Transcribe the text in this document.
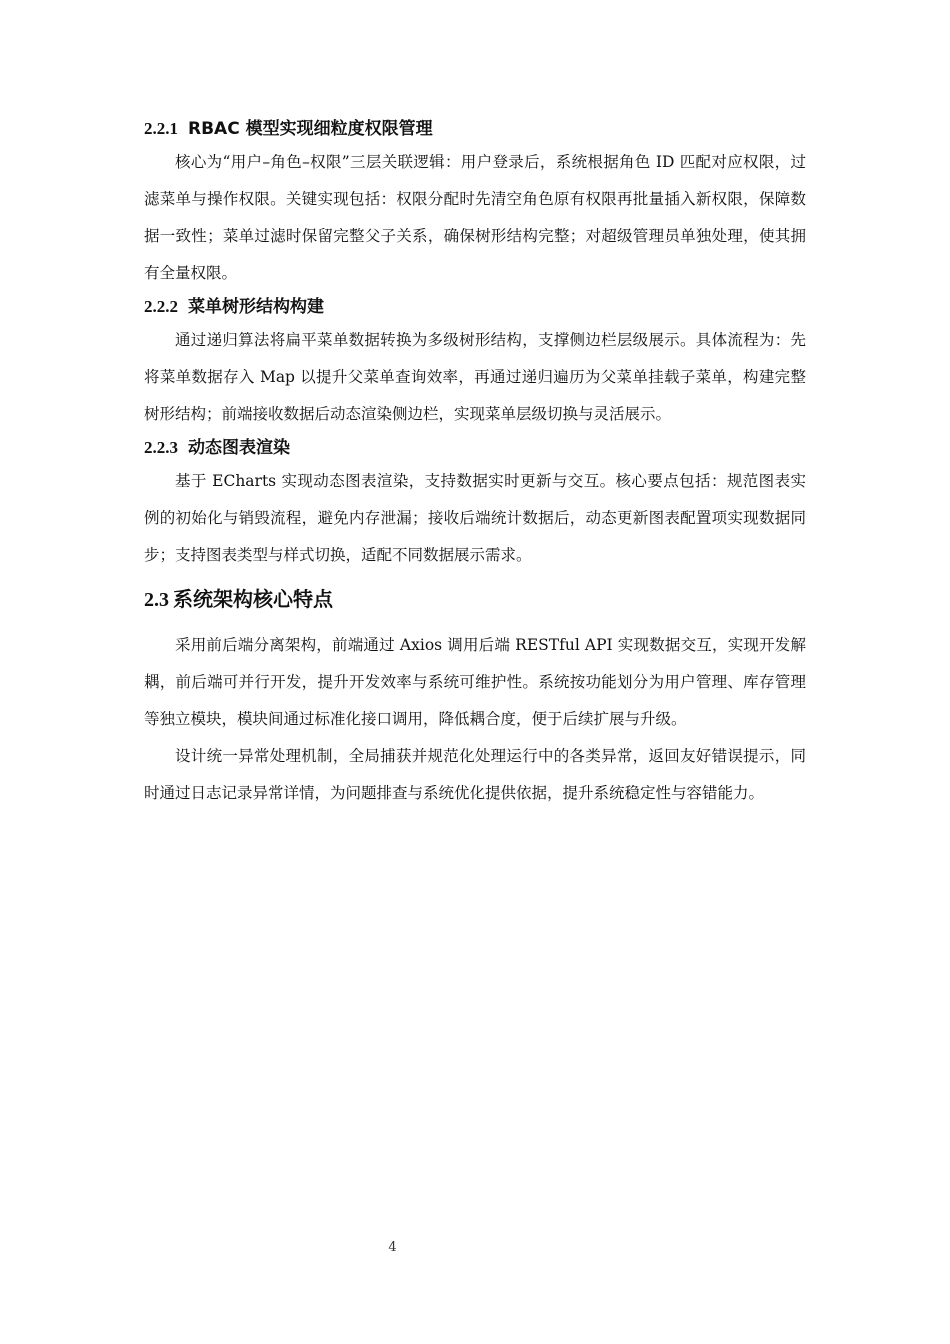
2.2.1 RBAC 模型实现细粒度权限管理

核心为“用户–角色–权限”三层关联逻辑：用户登录后，系统根据角色 ID 匹配对应权限，过滤菜单与操作权限。关键实现包括：权限分配时先清空角色原有权限再批量插入新权限，保障数据一致性；菜单过滤时保留完整父子关系，确保树形结构完整；对超级管理员单独处理，使其拥有全量权限。

2.2.2 菜单树形结构构建

通过递归算法将扁平菜单数据转换为多级树形结构，支撑侧边栏层级展示。具体流程为：先将菜单数据存入 Map 以提升父菜单查询效率，再通过递归遍历为父菜单挂载子菜单，构建完整树形结构；前端接收数据后动态渲染侧边栏，实现菜单层级切换与灵活展示。

2.2.3 动态图表渲染

基于 ECharts 实现动态图表渲染，支持数据实时更新与交互。核心要点包括：规范图表实例的初始化与销毁流程，避免内存泄漏；接收后端统计数据后，动态更新图表配置项实现数据同步；支持图表类型与样式切换，适配不同数据展示需求。

2.3 系统架构核心特点

采用前后端分离架构，前端通过 Axios 调用后端 RESTful API 实现数据交互，实现开发解耦，前后端可并行开发，提升开发效率与系统可维护性。系统按功能划分为用户管理、库存管理等独立模块，模块间通过标准化接口调用，降低耦合度，便于后续扩展与升级。

设计统一异常处理机制，全局捕获并规范化处理运行中的各类异常，返回友好错误提示，同时通过日志记录异常详情，为问题排查与系统优化提供依据，提升系统稳定性与容错能力。

4
